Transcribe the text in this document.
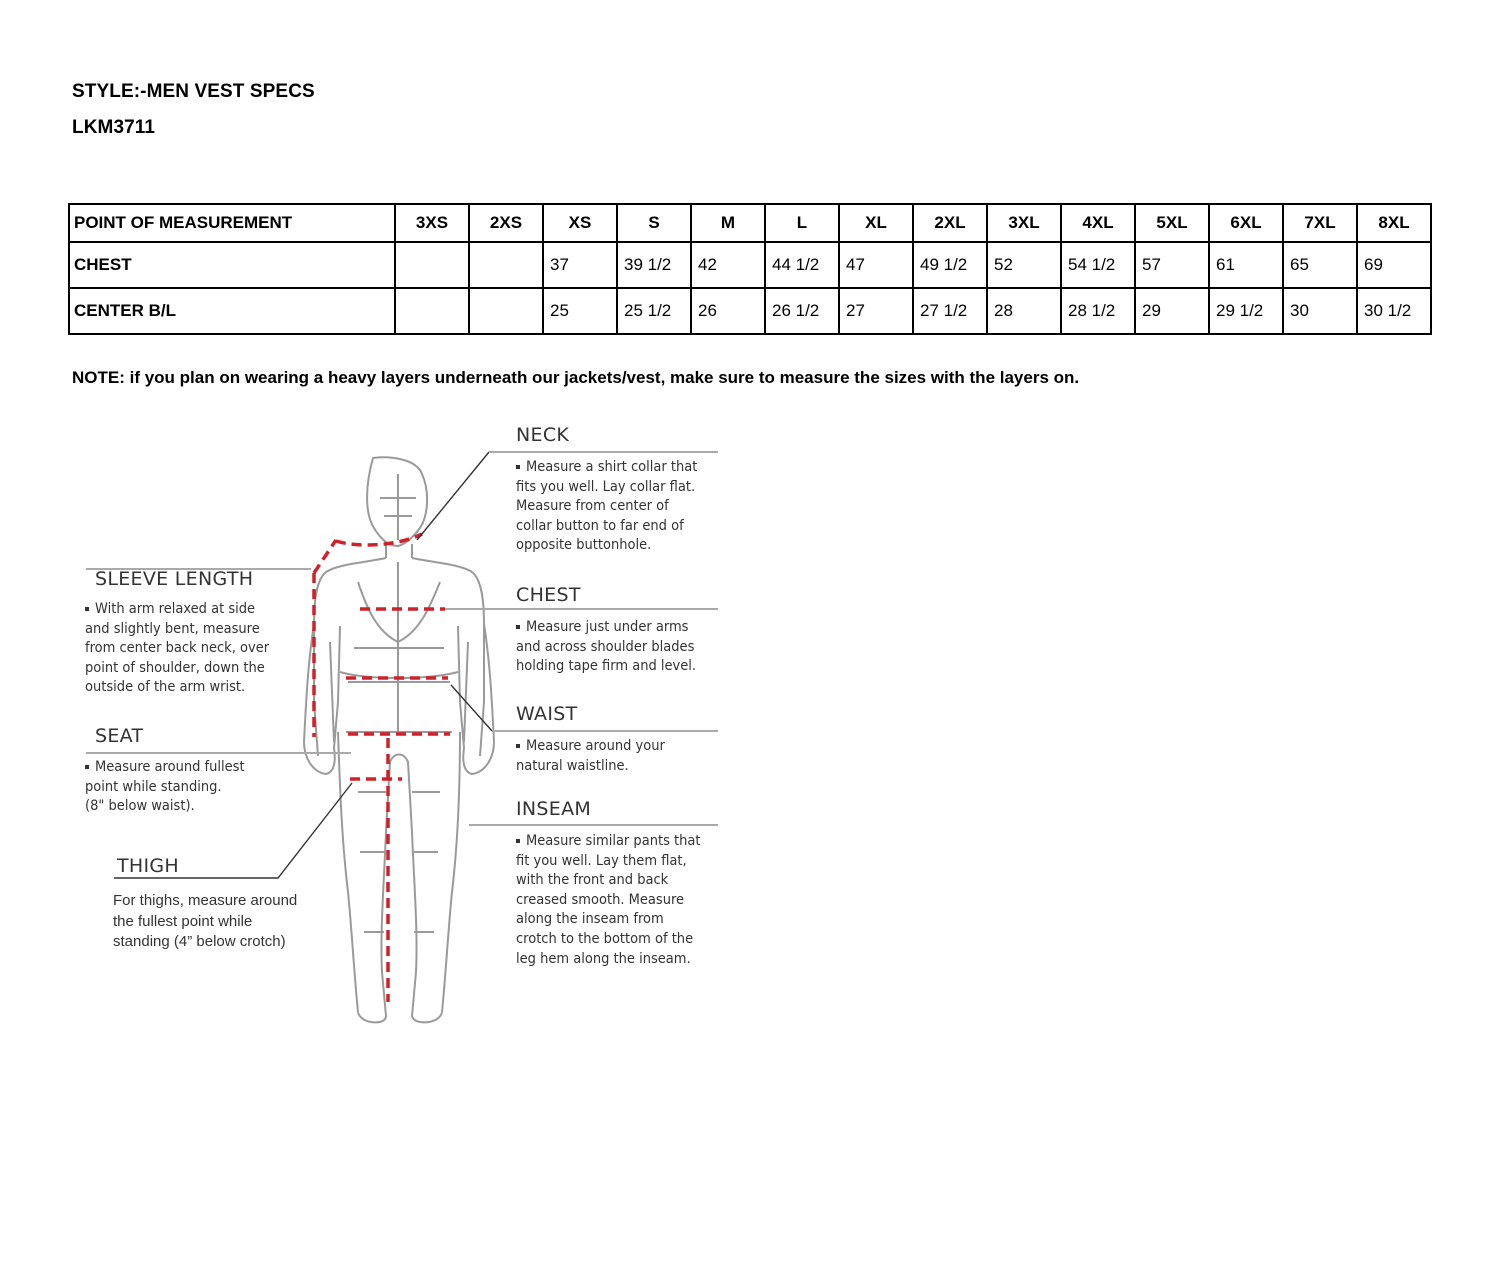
STYLE:-MEN VEST SPECS
LKM3711
POINT OF MEASUREMENT	3XS	2XS	XS	S	M	L	XL	2XL	3XL	4XL	5XL	6XL	7XL	8XL
CHEST			37	39 1/2	42	44 1/2	47	49 1/2	52	54 1/2	57	61	65	69
CENTER B/L			25	25 1/2	26	26 1/2	27	27 1/2	28	28 1/2	29	29 1/2	30	30 1/2
NOTE: if you plan on wearing a heavy layers underneath our jackets/vest, make sure to measure the sizes with the layers on.
NECK
Measure a shirt collar that
fits you well. Lay collar flat.
Measure from center of
collar button to far end of
opposite buttonhole.
CHEST
Measure just under arms
and across shoulder blades
holding tape firm and level.
WAIST
Measure around your
natural waistline.
INSEAM
Measure similar pants that
fit you well. Lay them flat,
with the front and back
creased smooth. Measure
along the inseam from
crotch to the bottom of the
leg hem along the inseam.
SLEEVE LENGTH
With arm relaxed at side
and slightly bent, measure
from center back neck, over
point of shoulder, down the
outside of the arm wrist.
SEAT
Measure around fullest
point while standing.
(8" below waist).
THIGH
For thighs, measure around
the fullest point while
standing (4” below crotch)
